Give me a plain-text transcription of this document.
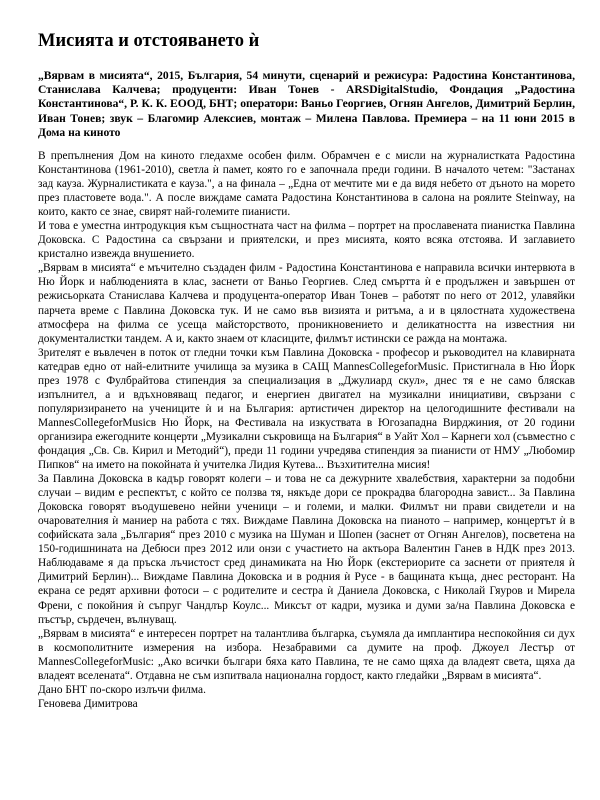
Мисията и отстояването ѝ

„Вярвам в мисията“, 2015, България, 54 минути, сценарий и режисура: Радостина Константинова, Станислава Калчева; продуценти: Иван Тонев - ARSDigitalStudio, Фондация „Радостина Константинова“, Р. К. К. ЕООД, БНТ; оператори: Ваньо Георгиев, Огнян Ангелов, Димитрий Берлин, Иван Тонев; звук – Благомир Алексиев, монтаж – Милена Павлова. Премиера – на 11 юни 2015 в Дома на киното

В препълнения Дом на киното гледахме особен филм. Обрамчен е с мисли на журналистката Радостина Константинова (1961-2010), светла ѝ памет, която го е започнала преди години. В началото четем: "Застанах зад кауза. Журналистиката е кауза.", а на финала – „Една от мечтите ми е да видя небето от дъното на морето през пластовете вода.". А после виждаме самата Радостина Константинова в салона на роялите Steinway, на които, както се знае, свирят най-големите пианисти.

И това е уместна интродукция към същностната част на филма – портрет на прославената пианистка Павлина Доковска. С Радостина са свързани и приятелски, и през мисията, която всяка отстоява. И заглавието кристално извежда внушението.

„Вярвам в мисията“ е мъчително създаден филм - Радостина Константинова е направила всички интервюта в Ню Йорк и наблюденията в клас, заснети от Ваньо Георгиев. След смъртта ѝ е продължен и завършен от режисьорката Станислава Калчева и продуцента-оператор Иван Тонев – работят по него от 2012, улавяйки парчета време с Павлина Доковска тук. И не само във визията и ритъма, а и в цялостната художествена атмосфера на филма се усеща майсторството, проникновението и деликатността на известния ни документалистки тандем. А и, както знаем от класиците, филмът истински се ражда на монтажа.

Зрителят е въвлечен в поток от гледни точки към Павлина Доковска - професор и ръководител на клавирната катедрав едно от най-елитните училища за музика в САЩ MannesCollegeforMusic. Пристигнала в Ню Йорк през 1978 с Фулбрайтова стипендия за специализация в „Джулиард скул», днес тя е не само бляскав изпълнител, а и вдъхновяващ педагог, и енергиен двигател на музикални инициативи, свързани с популяризирането на учениците ѝ и на България: артистичен директор на целогодишните фестивали на MannesCollegeforMusicв Ню Йорк, на Фестивала на изкуствата в Югозападна Вирджиния, от 20 години организира ежегодните концерти „Музикални съкровища на България“ в Уайт Хол – Карнеги хол (съвместно с фондация „Св. Св. Кирил и Методий“), преди 11 години учредява стипендия за пианисти от НМУ „Любомир Пипков“ на името на покойната ѝ учителка Лидия Кутева... Възхитителна мисия!

За Павлина Доковска в кадър говорят колеги – и това не са дежурните хвалебствия, характерни за подобни случаи – видим е респектът, с който се ползва тя, някъде дори се прокрадва благородна завист... За Павлина Доковска говорят въодушевено нейни ученици – и големи, и малки. Филмът ни прави свидетели и на очарователния ѝ маниер на работа с тях. Виждаме Павлина Доковска на пианото – например, концертът ѝ в софийската зала „България“ през 2010 с музика на Шуман и Шопен (заснет от Огнян Ангелов), посветена на 150-годишнината на Дебюси през 2012 или онзи с участието на актьора Валентин Ганев в НДК през 2013. Наблюдаваме я да пръска лъчистост сред динамиката на Ню Йорк (екстериорите са заснети от приятеля ѝ Димитрий Берлин)... Виждаме Павлина Доковска и в родния ѝ Русе - в бащината къща, днес ресторант. На екрана се редят архивни фотоси – с родителите и сестра ѝ Даниела Доковска, с Николай Гяуров и Мирела Френи, с покойния ѝ съпруг Чандлър Коулс... Миксът от кадри, музика и думи за/на Павлина Доковска е пъстър, сърдечен, вълнуващ.

„Вярвам в мисията“ е интересен портрет на талантлива българка, съумяла да имплантира неспокойния си дух в космополитните измерения на избора. Незабравими са думите на проф. Джоуел Лестър от MannesCollegeforMusic: „Ако всички българи бяха като Павлина, те не само щяха да владеят света, щяха да владеят вселената“. Отдавна не съм изпитвала национална гордост, както гледайки „Вярвам в мисията“.

Дано БНТ по-скоро излъчи филма.

Геновева Димитрова
